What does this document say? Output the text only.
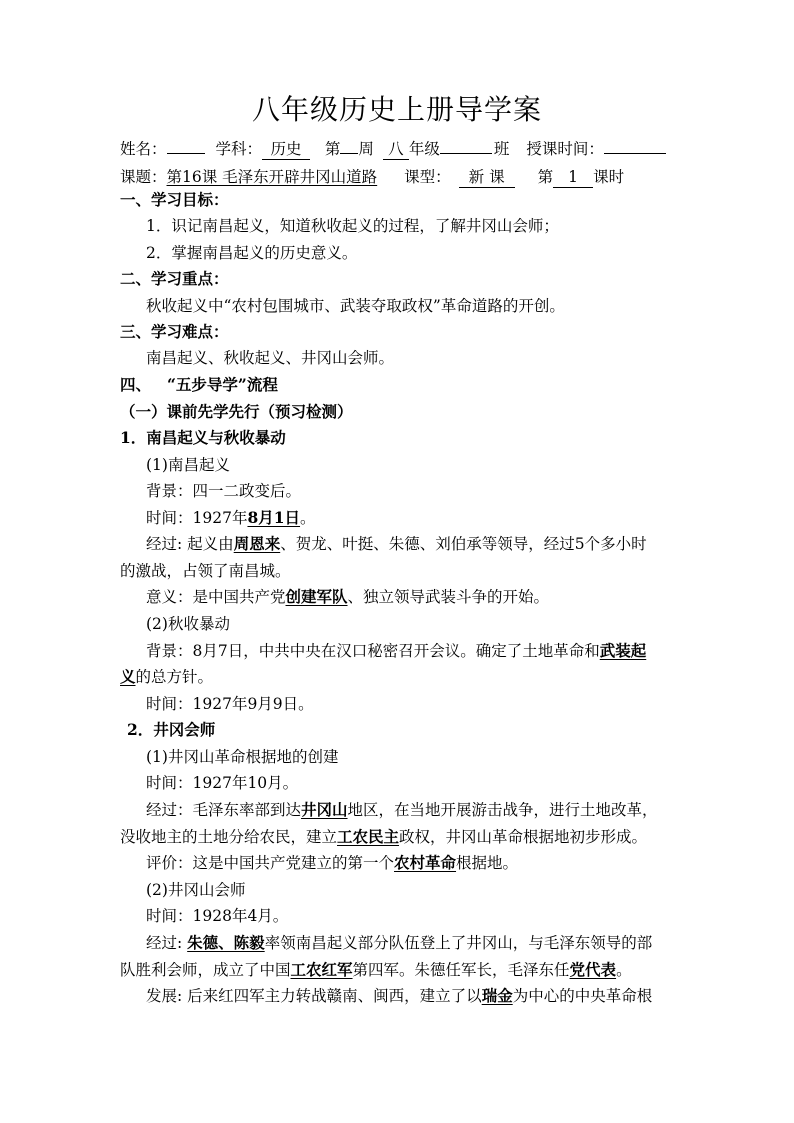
八年级历史上册导学案
姓名：	学科： 历史 第 周 八 年级	班 授课时间：
课题：第16课 毛泽东开辟井冈山道路 课型： 新 课 第 1 课时
一、学习目标：
1．识记南昌起义，知道秋收起义的过程，了解井冈山会师；
2．掌握南昌起义的历史意义。
二、学习重点：
秋收起义中“农村包围城市、武装夺取政权”革命道路的开创。
三、学习难点：
南昌起义、秋收起义、井冈山会师。
四、 “五步导学”流程
（一）课前先学先行（预习检测）
1．南昌起义与秋收暴动
(1)南昌起义
背景：四一二政变后。
时间：1927年8月1日。
经过: 起义由周恩来、贺龙、叶挺、朱德、刘伯承等领导，经过5个多小时
的激战，占领了南昌城。
意义：是中国共产党创建军队、独立领导武装斗争的开始。
(2)秋收暴动
背景：8月7日，中共中央在汉口秘密召开会议。确定了土地革命和武装起
义的总方针。
时间：1927年9月9日。
2．井冈会师
(1)井冈山革命根据地的创建
时间：1927年10月。
经过：毛泽东率部到达井冈山地区，在当地开展游击战争，进行土地改革，
没收地主的土地分给农民，建立工农民主政权，井冈山革命根据地初步形成。
评价：这是中国共产党建立的第一个农村革命根据地。
(2)井冈山会师
时间：1928年4月。
经过: 朱德、陈毅率领南昌起义部分队伍登上了井冈山，与毛泽东领导的部
队胜利会师，成立了中国工农红军第四军。朱德任军长，毛泽东任党代表。
发展: 后来红四军主力转战赣南、闽西，建立了以瑞金为中心的中央革命根
